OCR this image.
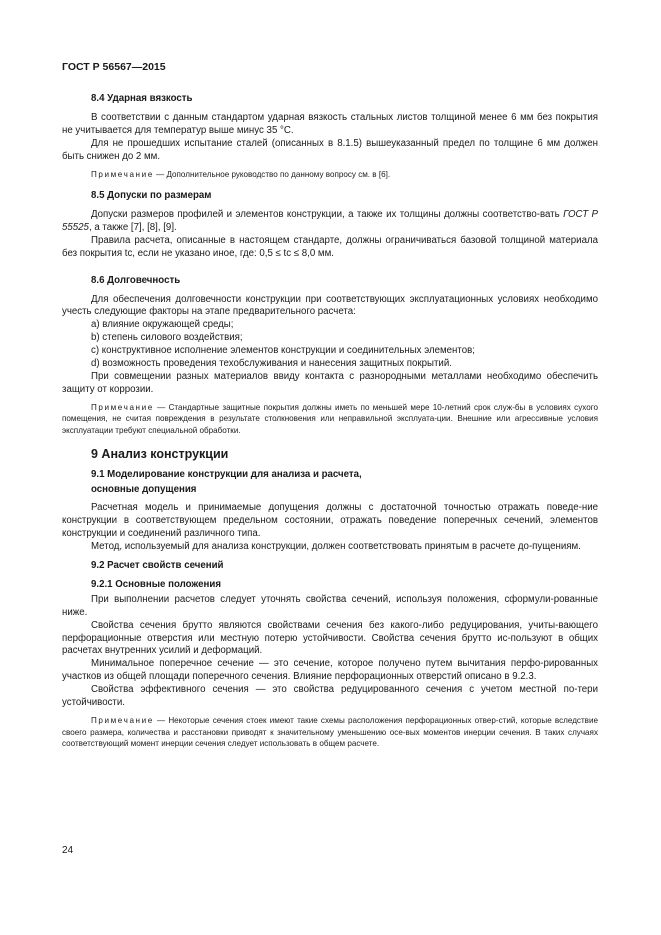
ГОСТ Р 56567—2015
8.4 Ударная вязкость

В соответствии с данным стандартом ударная вязкость стальных листов толщиной менее 6 мм без покрытия не учитывается для температур выше минус 35 °С.

Для не прошедших испытание сталей (описанных в 8.1.5) вышеуказанный предел по толщине 6 мм должен быть снижен до 2 мм.

Примечание — Дополнительное руководство по данному вопросу см. в [6].

8.5 Допуски по размерам

Допуски размеров профилей и элементов конструкции, а также их толщины должны соответство-вать ГОСТ Р 55525, а также [7], [8], [9].

Правила расчета, описанные в настоящем стандарте, должны ограничиваться базовой толщиной материала без покрытия tc, если не указано иное, где: 0,5 ≤ tc ≤ 8,0 мм.

8.6 Долговечность

Для обеспечения долговечности конструкции при соответствующих эксплуатационных условиях необходимо учесть следующие факторы на этапе предварительного расчета:

a) влияние окружающей среды;

b) степень силового воздействия;

c) конструктивное исполнение элементов конструкции и соединительных элементов;

d) возможность проведения техобслуживания и нанесения защитных покрытий.

При совмещении разных материалов ввиду контакта с разнородными металлами необходимо обеспечить защиту от коррозии.

Примечание — Стандартные защитные покрытия должны иметь по меньшей мере 10-летний срок служ-бы в условиях сухого помещения, не считая повреждения в результате столкновения или неправильной эксплуата-ции. Внешние или агрессивные условия эксплуатации требуют специальной обработки.

9 Анализ конструкции
9.1 Моделирование конструкции для анализа и расчета,
основные допущения

Расчетная модель и принимаемые допущения должны с достаточной точностью отражать поведе-ние конструкции в соответствующем предельном состоянии, отражать поведение поперечных сечений, элементов конструкции и соединений различного типа.

Метод, используемый для анализа конструкции, должен соответствовать принятым в расчете до-пущениям.

9.2 Расчет свойств сечений
9.2.1 Основные положения

При выполнении расчетов следует уточнять свойства сечений, используя положения, сформули-рованные ниже.

Свойства сечения брутто являются свойствами сечения без какого-либо редуцирования, учиты-вающего перфорационные отверстия или местную потерю устойчивости. Свойства сечения брутто ис-пользуют в общих расчетах внутренних усилий и деформаций.

Минимальное поперечное сечение — это сечение, которое получено путем вычитания перфо-рированных участков из общей площади поперечного сечения. Влияние перфорационных отверстий описано в 9.2.3.

Свойства эффективного сечения — это свойства редуцированного сечения с учетом местной по-тери устойчивости.

Примечание — Некоторые сечения стоек имеют такие схемы расположения перфорационных отвер-стий, которые вследствие своего размера, количества и расстановки приводят к значительному уменьшению осе-вых моментов инерции сечения. В таких случаях соответствующий момент инерции сечения следует использовать в общем расчете.

24
